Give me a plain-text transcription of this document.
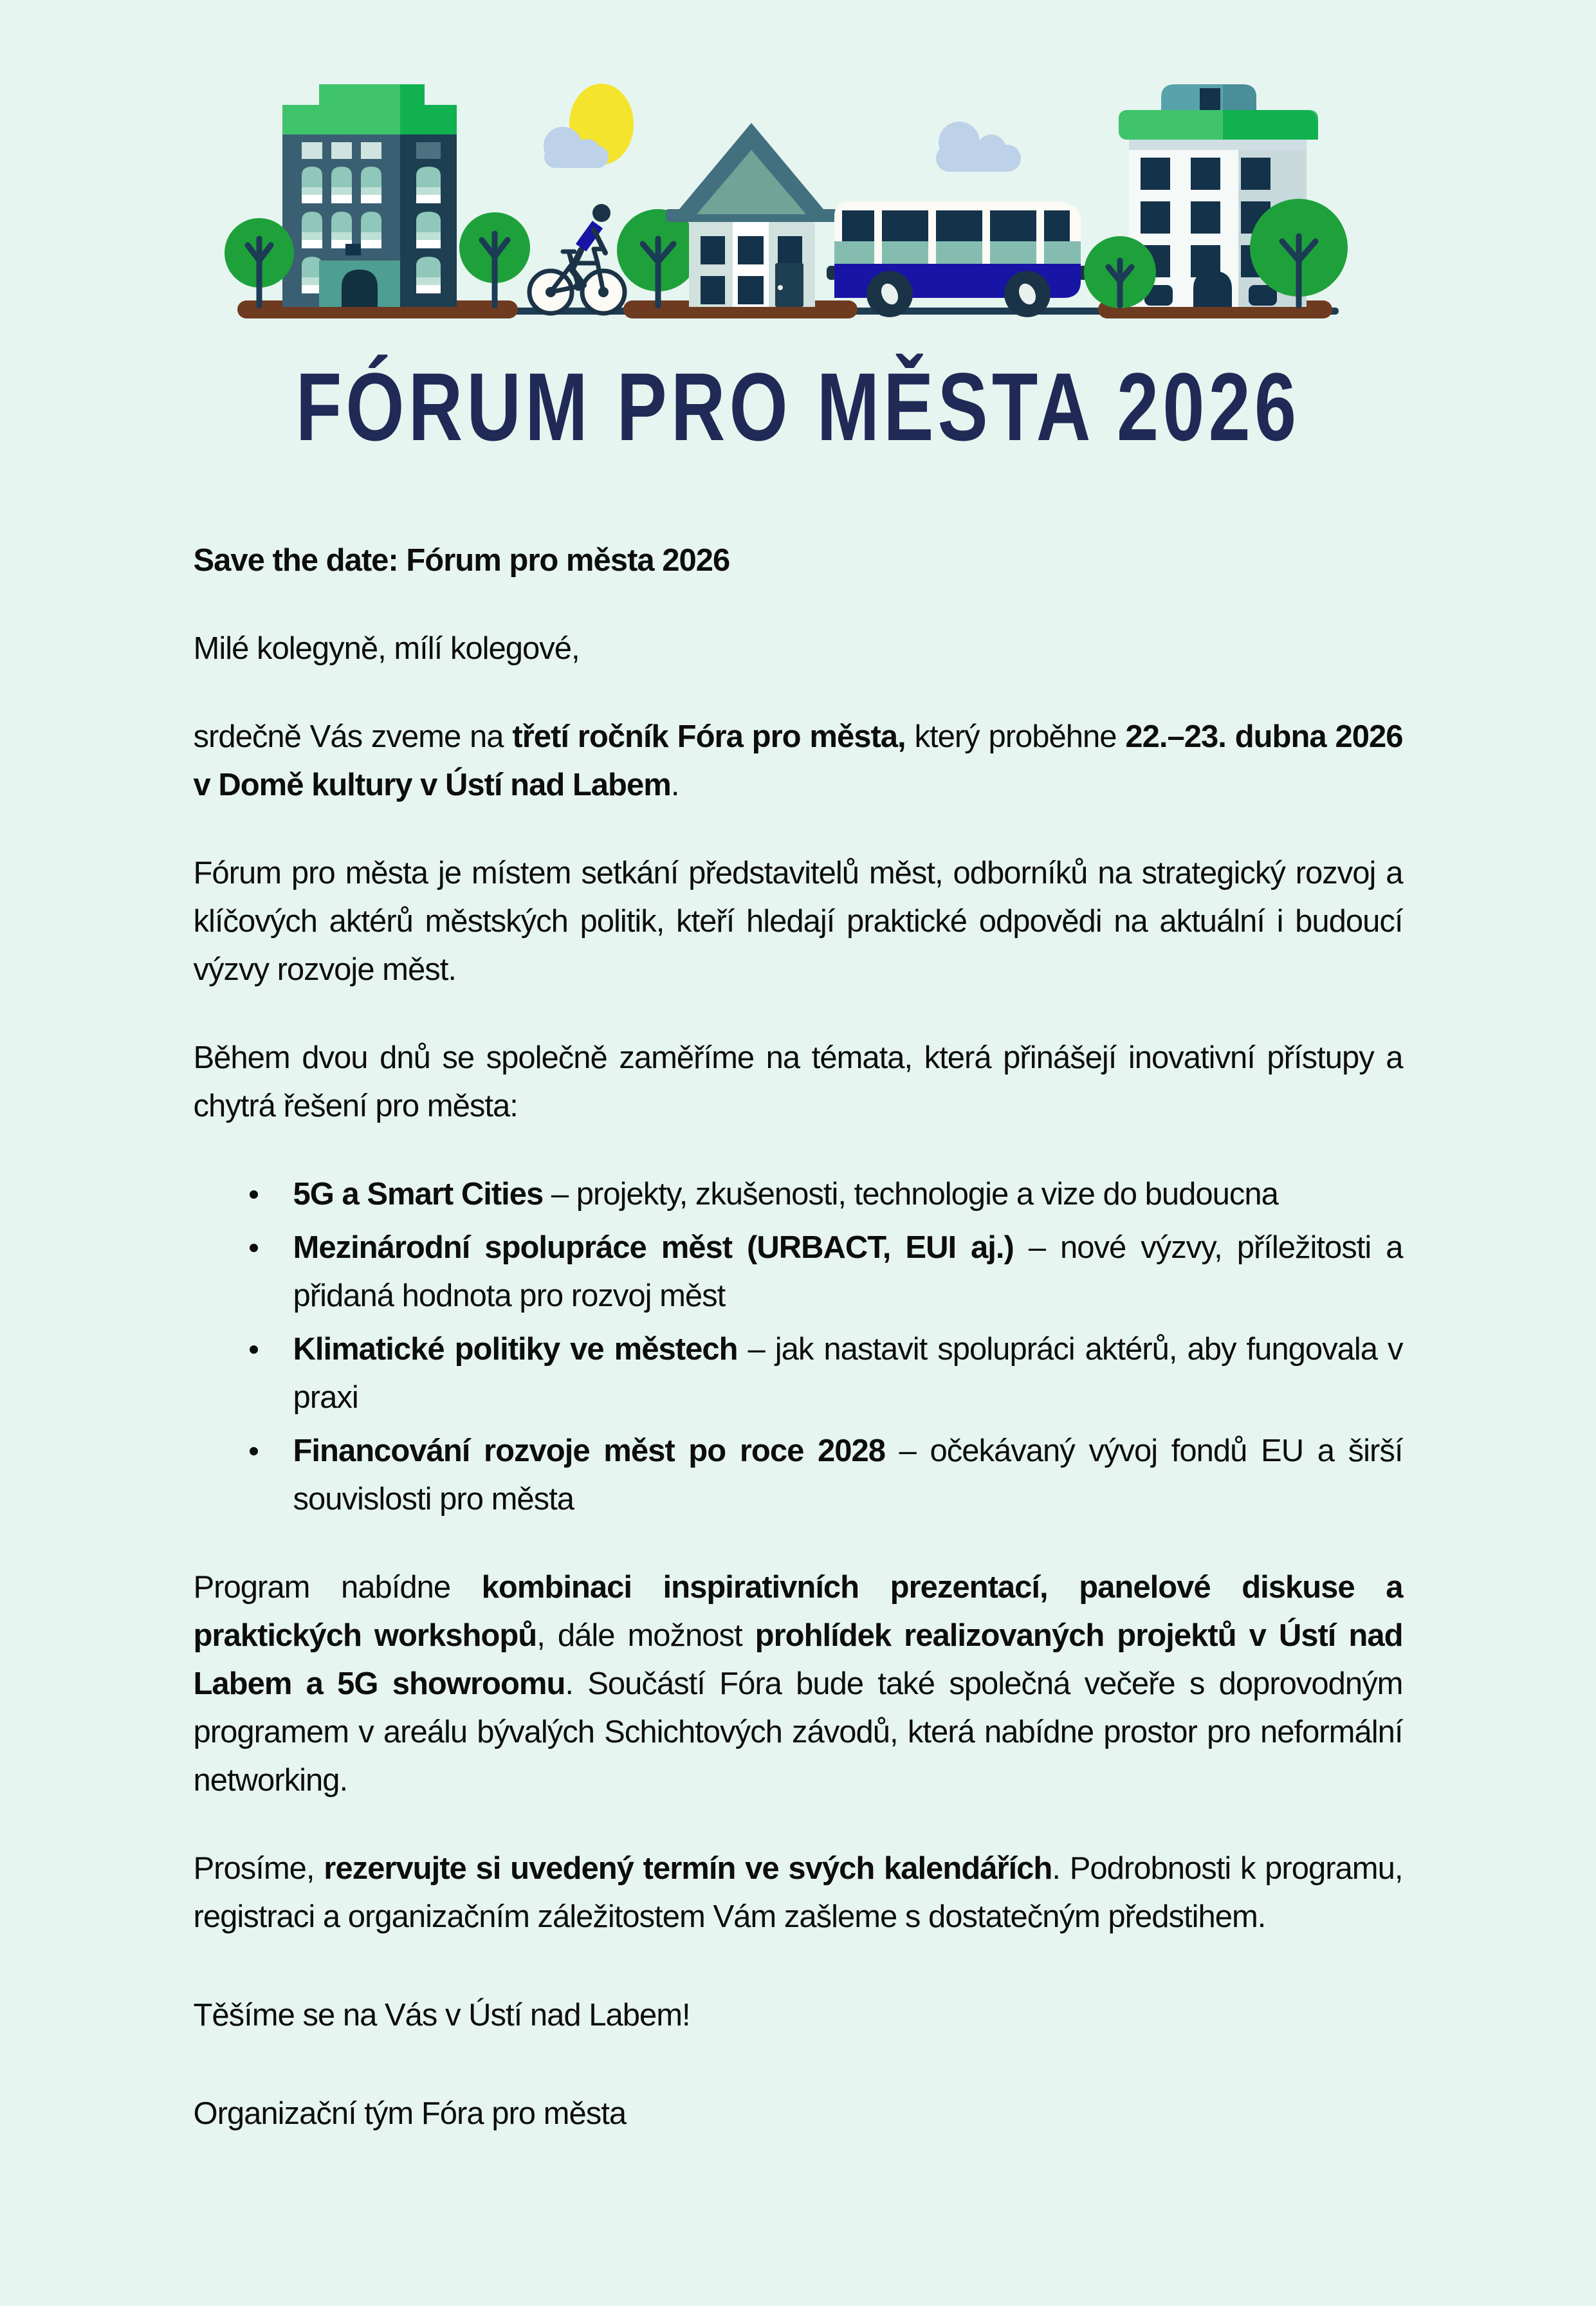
FÓRUM PRO MĚSTA 2026

Save the date: Fórum pro města 2026

Milé kolegyně, mílí kolegové,

srdečně Vás zveme na třetí ročník Fóra pro města, který proběhne 22.–23. dubna 2026 v Domě kultury v Ústí nad Labem.

Fórum pro města je místem setkání představitelů měst, odborníků na strategický rozvoj a klíčových aktérů městských politik, kteří hledají praktické odpovědi na aktuální i budoucí výzvy rozvoje měst.

Během dvou dnů se společně zaměříme na témata, která přinášejí inovativní přístupy a chytrá řešení pro města:

5G a Smart Cities – projekty, zkušenosti, technologie a vize do budoucna
Mezinárodní spolupráce měst (URBACT, EUI aj.) – nové výzvy, příležitosti a přidaná hodnota pro rozvoj měst
Klimatické politiky ve městech – jak nastavit spolupráci aktérů, aby fungovala v praxi
Financování rozvoje měst po roce 2028 – očekávaný vývoj fondů EU a širší souvislosti pro města

Program nabídne kombinaci inspirativních prezentací, panelové diskuse a praktických workshopů, dále možnost prohlídek realizovaných projektů v Ústí nad Labem a 5G showroomu. Součástí Fóra bude také společná večeře s doprovodným programem v areálu bývalých Schichtových závodů, která nabídne prostor pro neformální networking.

Prosíme, rezervujte si uvedený termín ve svých kalendářích. Podrobnosti k programu, registraci a organizačním záležitostem Vám zašleme s dostatečným předstihem.

Těšíme se na Vás v Ústí nad Labem!

Organizační tým Fóra pro města
